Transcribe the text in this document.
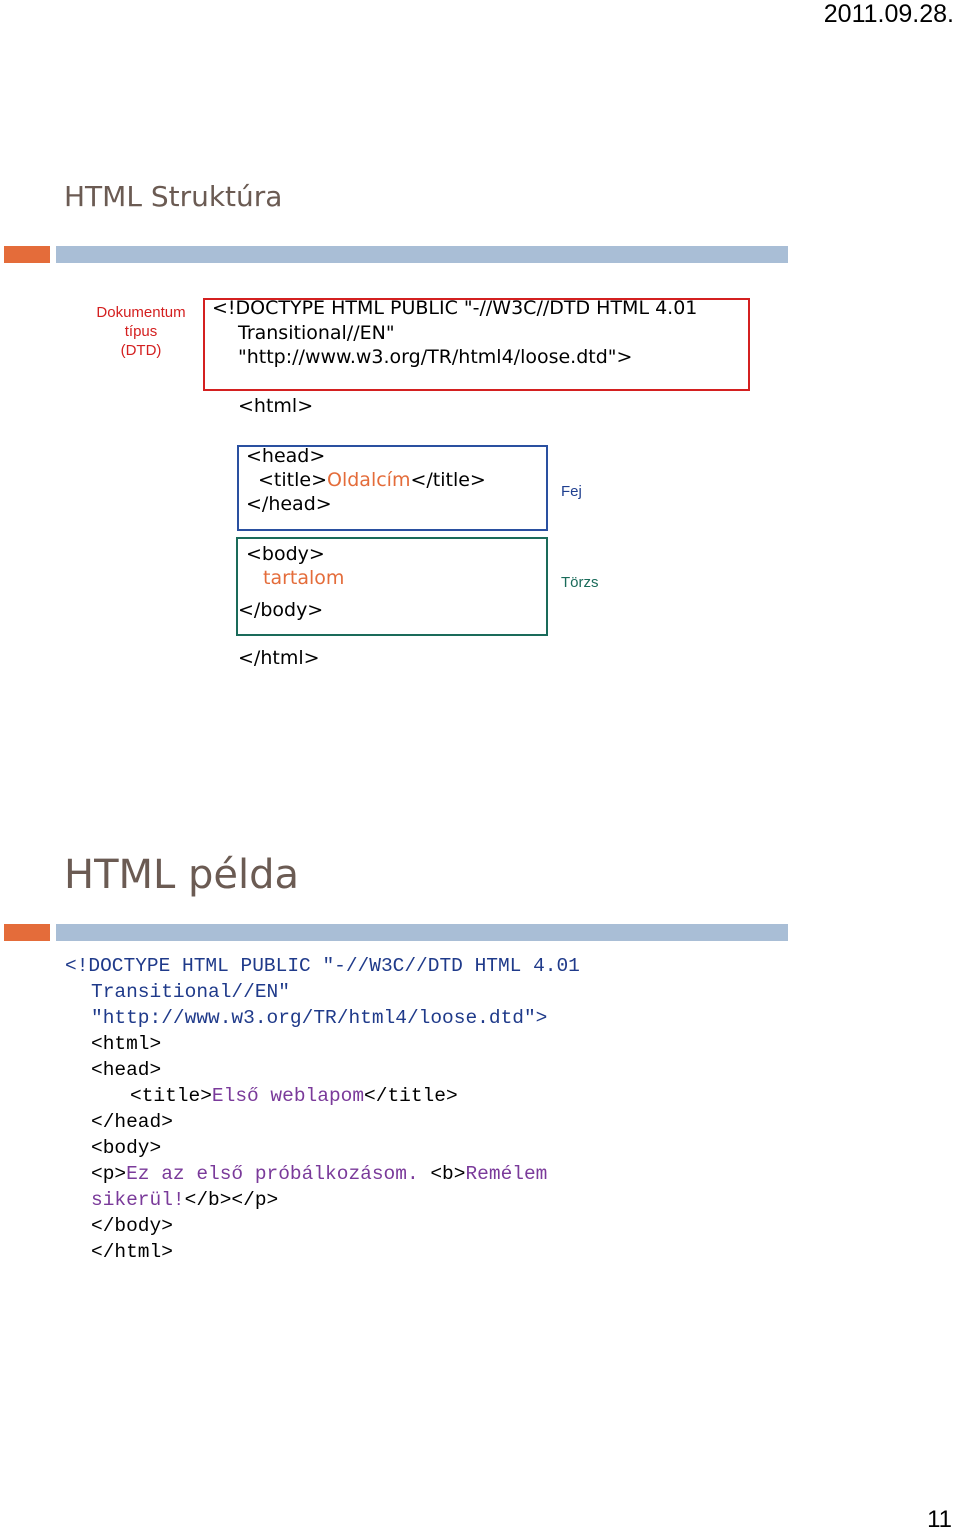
2011.09.28.
HTML Struktúra
Dokumentum
típus
(DTD)
<!DOCTYPE HTML PUBLIC "-//W3C//DTD HTML 4.01
Transitional//EN"
"http://www.w3.org/TR/html4/loose.dtd">
<html>
<head>
<title>Oldalcím</title>
</head>
Fej
<body>
tartalom
</body>
Törzs
</html>
HTML példa
<!DOCTYPE HTML PUBLIC "-//W3C//DTD HTML 4.01
Transitional//EN"
"http://www.w3.org/TR/html4/loose.dtd">
<html>
<head>
<title>Első weblapom</title>
</head>
<body>
<p>Ez az első próbálkozásom. <b>Remélem
sikerül!</b></p>
</body>
</html>
11
